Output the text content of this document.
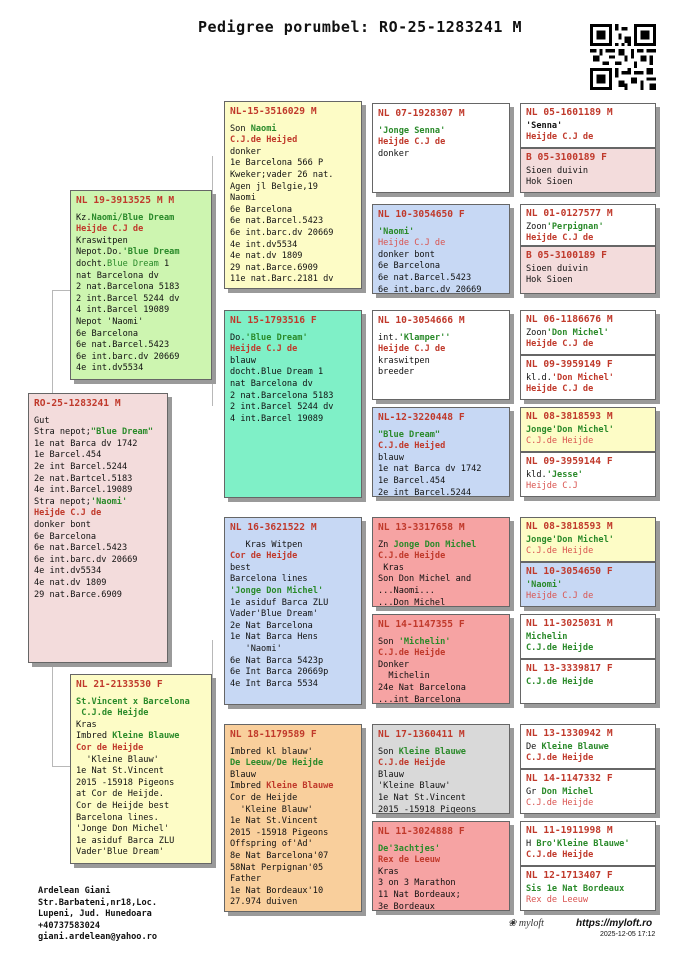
Pedigree porumbel: RO-25-1283241 M
RO-25-1283241 M
Gut
Stra nepot;"Blue Dream"
1e nat Barca dv 1742
1e Barcel.454
2e int Barcel.5244
2e nat.Bartcel.5183
4e int.Barcel.19089
Stra nepot;'Naomi'
Heijde C.J de
donker bont
6e Barcelona
6e nat.Barcel.5423
6e int.barc.dv 20669
4e int.dv5534
4e nat.dv 1809
29 nat.Barce.6909
NL 19-3913525 M M
Kz.Naomi/Blue Dream
Heijde C.J de
Kraswitpen
Nepot.Do.'Blue Dream
docht.Blue Dream 1
nat Barcelona dv
2 nat.Barcelona 5183
2 int.Barcel 5244 dv
4 int.Barcel 19089
Nepot 'Naomi'
6e Barcelona
6e nat.Barcel.5423
6e int.barc.dv 20669
4e int.dv5534
NL 21-2133530 F
St.Vincent x Barcelona
C.J.de Heijde
Kras
Imbred Kleine Blauwe
Cor de Heijde
'Kleine Blauw'
1e Nat St.Vincent
2015 -15918 Pigeons
at Cor de Heijde.
Cor de Heijde best
Barcelona lines.
'Jonge Don Michel'
1e asiduf Barca ZLU
Vader'Blue Dream'
NL-15-3516029 M
Son Naomi
C.J.de Heijed
donker
1e Barcelona 566 P
Kweker;vader 26 nat.
Agen jl Belgie,19
Naomi
6e Barcelona
6e nat.Barcel.5423
6e int.barc.dv 20669
4e int.dv5534
4e nat.dv 1809
29 nat.Barce.6909
11e nat.Barc.2181 dv
NL 15-1793516 F
Do.'Blue Dream'
Heijde C.J de
blauw
docht.Blue Dream 1
nat Barcelona dv
2 nat.Barcelona 5183
2 int.Barcel 5244 dv
4 int.Barcel 19089
NL 16-3621522 M
Kras Witpen
Cor de Heijde
best
Barcelona lines
'Jonge Don Michel'
1e asiduf Barca ZLU
Vader'Blue Dream'
2e Nat Barcelona
1e Nat Barca Hens
'Naomi'
6e Nat Barca 5423p
6e Int Barca 20669p
4e Int Barca 5534
NL 18-1179589 F
Imbred kl blauw'
De Leeuw/De Heijde
Blauw
Imbred Kleine Blauwe
Cor de Heijde
'Kleine Blauw'
1e Nat St.Vincent
2015 -15918 Pigeons
Offspring of'Ad'
8e Nat Barcelona'07
58Nat Perpignan'05
Father
1e Nat Bordeaux'10
27.974 duiven
NL 07-1928307 M
'Jonge Senna'
Heijde C.J de
donker
NL 10-3054650 F
'Naomi'
Heijde C.J de
donker bont
6e Barcelona
6e nat.Barcel.5423
6e int.barc.dv 20669
NL 10-3054666 M
int.'Klamper''
Heijde C.J de
kraswitpen
breeder
NL-12-3220448 F
"Blue Dream"
C.J.de Heijed
blauw
1e nat Barca dv 1742
1e Barcel.454
2e int Barcel.5244
NL 13-3317658 M
Zn Jonge Don Michel
C.J.de Heijde
Kras
Son Don Michel and
...Naomi...
...Don Michel
NL 14-1147355 F
Son 'Michelin'
C.J.de Heijde
Donker
Michelin
24e Nat Barcelona
...int Barcelona
NL 17-1360411 M
Son Kleine Blauwe
C.J.de Heijde
Blauw
'Kleine Blauw'
1e Nat St.Vincent
2015 -15918 Pigeons
NL 11-3024888 F
De'3achtjes'
Rex de Leeuw
Kras
3 on 3 Marathon
11 Nat Bordeaux;
3e Bordeaux
NL 05-1601189 M
'Senna'
Heijde C.J de
B 05-3100189 F
Sioen duivin
Hok Sioen
NL 01-0127577 M
Zoon'Perpignan'
Heijde C.J de
B 05-3100189 F
Sioen duivin
Hok Sioen
NL 06-1186676 M
Zoon'Don Michel'
Heijde C.J de
NL 09-3959149 F
kl.d.'Don Michel'
Heijde C.J de
NL 08-3818593 M
Jonge'Don Michel'
C.J.de Heijde
NL 09-3959144 F
kld.'Jesse'
Heijde C.J
NL 08-3818593 M
Jonge'Don Michel'
C.J.de Heijde
NL 10-3054650 F
'Naomi'
Heijde C.J de
NL 11-3025031 M
Michelin
C.J.de Heijde
NL 13-3339817 F
C.J.de Heijde
NL 13-1330942 M
De Kleine Blauwe
C.J.de Heijde
NL 14-1147332 F
Gr Don Michel
C.J.de Heijde
NL 11-1911998 M
H Bro'Kleine Blauwe'
C.J.de Heijde
NL 12-1713407 F
Sis 1e Nat Bordeaux
Rex de Leeuw
Ardelean Giani
Str.Barbateni,nr18,Loc.
Lupeni, Jud. Hunedoara
+40737583024
giani.ardelean@yahoo.ro
❀ myloft	https://myloft.ro
2025-12-05 17:12
